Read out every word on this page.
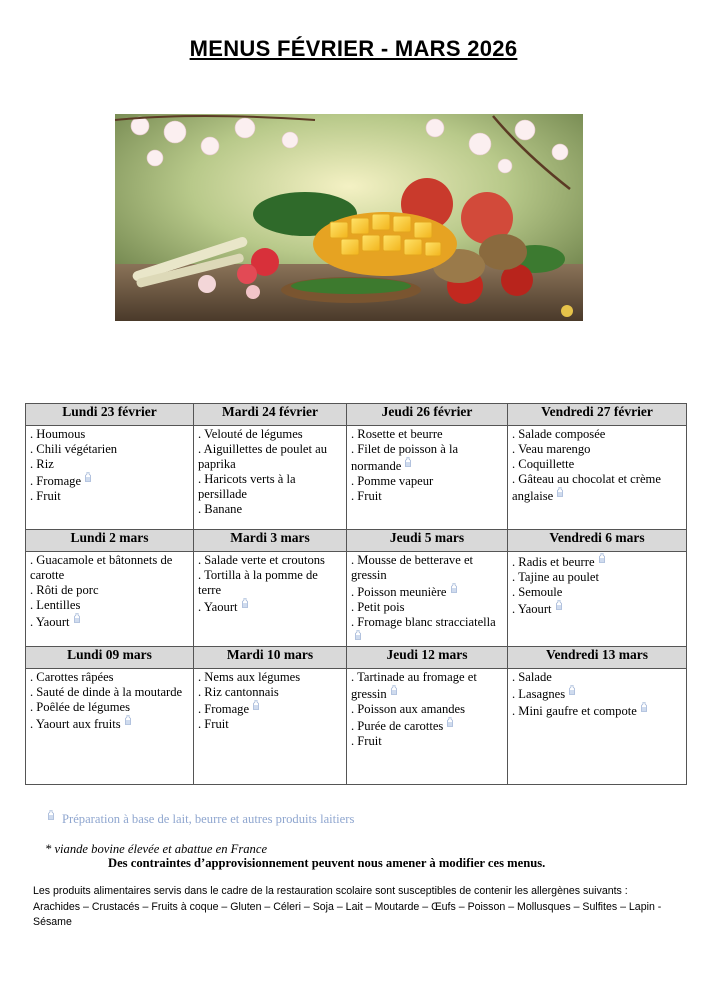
MENUS FÉVRIER - MARS 2026
Lundi 23 février	Mardi 24 février	Jeudi 26 février	Vendredi 27 février

. Houmous
. Chili végétarien
. Riz
. Fromage
. Fruit	. Velouté de légumes
. Aiguillettes de poulet au paprika
. Haricots verts à la persillade
. Banane	. Rosette et beurre
. Filet de poisson à la normande
. Pomme vapeur
. Fruit	. Salade composée
. Veau marengo
. Coquillette
. Gâteau au chocolat et crème anglaise

Lundi 2 mars	Mardi 3 mars	Jeudi 5 mars	Vendredi 6 mars

. Guacamole et bâtonnets de carotte
. Rôti de porc
. Lentilles
. Yaourt	. Salade verte et croutons
. Tortilla à la pomme de terre
. Yaourt	. Mousse de betterave et gressin
. Poisson meunière
. Petit pois
. Fromage blanc stracciatella	. Radis et beurre
. Tajine au poulet
. Semoule
. Yaourt

Lundi 09 mars	Mardi 10 mars	Jeudi 12 mars	Vendredi 13 mars

. Carottes râpées
. Sauté de dinde à la moutarde
. Poêlée de légumes
. Yaourt aux fruits	. Nems aux légumes
. Riz cantonnais
. Fromage
. Fruit	. Tartinade au fromage et gressin
. Poisson aux amandes
. Purée de carottes
. Fruit	. Salade
. Lasagnes
. Mini gaufre et compote
Préparation à base de lait, beurre et autres produits laitiers
* viande bovine élevée et abattue en France
Des contraintes d’approvisionnement peuvent nous amener à modifier ces menus.
Les produits alimentaires servis dans le cadre de la restauration scolaire sont susceptibles de contenir les allergènes suivants :
Arachides – Crustacés – Fruits à coque – Gluten – Céleri – Soja – Lait – Moutarde – Œufs – Poisson – Mollusques – Sulfites – Lapin - Sésame
